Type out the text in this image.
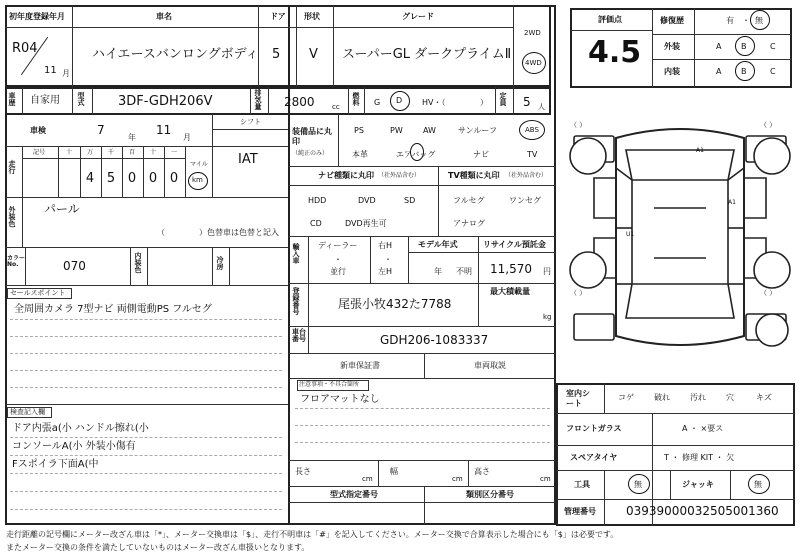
初年度登録年月
R04
11 月
車名
ハイエースバンロングボディ
ドア
5
形状
V
グレード
スーパーGL ダークプライムⅡ
2WD
4WD
車歴 自家用 型式	3DF-GDH206V	排気量 2800 cc
燃料 G D HV・（	） 定員 5 人
車検	7
年
11
月
シフト
IAT
走行
記号	十 万 千 百 十 一
4 5 0 0 0
マイル
km
外装色 パール
（	）色替車は色替と記入
カラーNo.	070	内装色	冷房
セールスポイント
全周囲カメラ 7型ナビ 両側電動PS フルセグ
検査記入欄
ドア内張a(小 ハンドル擦れ(小
コンソールA(小 外装小傷有
Fスポイラ下面A(中
装備品に丸印
（純正のみ）
PS	PW	AW	サンルーフ	ABS
本革	エアバッグ	ナビ	TV
ナビ種類に丸印 （社外品含む）
HDD	DVD	SD
CD	DVD再生可
TV種類に丸印 （社外品含む）
フルセグ	ワンセグ
アナログ
輸入車 ディーラー
・
並行
右H
左H
・
モデル年式
年 不明
リサイクル預託金
11,570 円
登録番号	尾張小牧432た7788
最大積載量
kg
車台番号	GDH206-1083337
新車保証書	車両取説
注意事項・不具合箇所
フロアマットなし
長さ
cm
幅
cm
高さ
cm
型式指定番号	類別区分番号
評価点
4.5
修復歴	有 ・ 無
外装	A B	C
内装	A B	C
A1
A1
U1
（ ）	（ ）
（ ）	（ ）
室内シート
コゲ	破れ	汚れ	穴	キズ
フロントガラス	A ・ ×要ス
スペアタイヤ	T ・ 修理 KIT ・ 欠
工具	無	ジャッキ	無
管理番号	03939000032505001360
走行距離の記号欄にメーター改ざん車は「*」、メーター交換車は「$」、走行不明車は「#」を記入してください。メーター交換で合算表示した場合にも「$」は必要です。
またメーター交換の条件を満たしていないものはメーター改ざん車扱いとなります。
